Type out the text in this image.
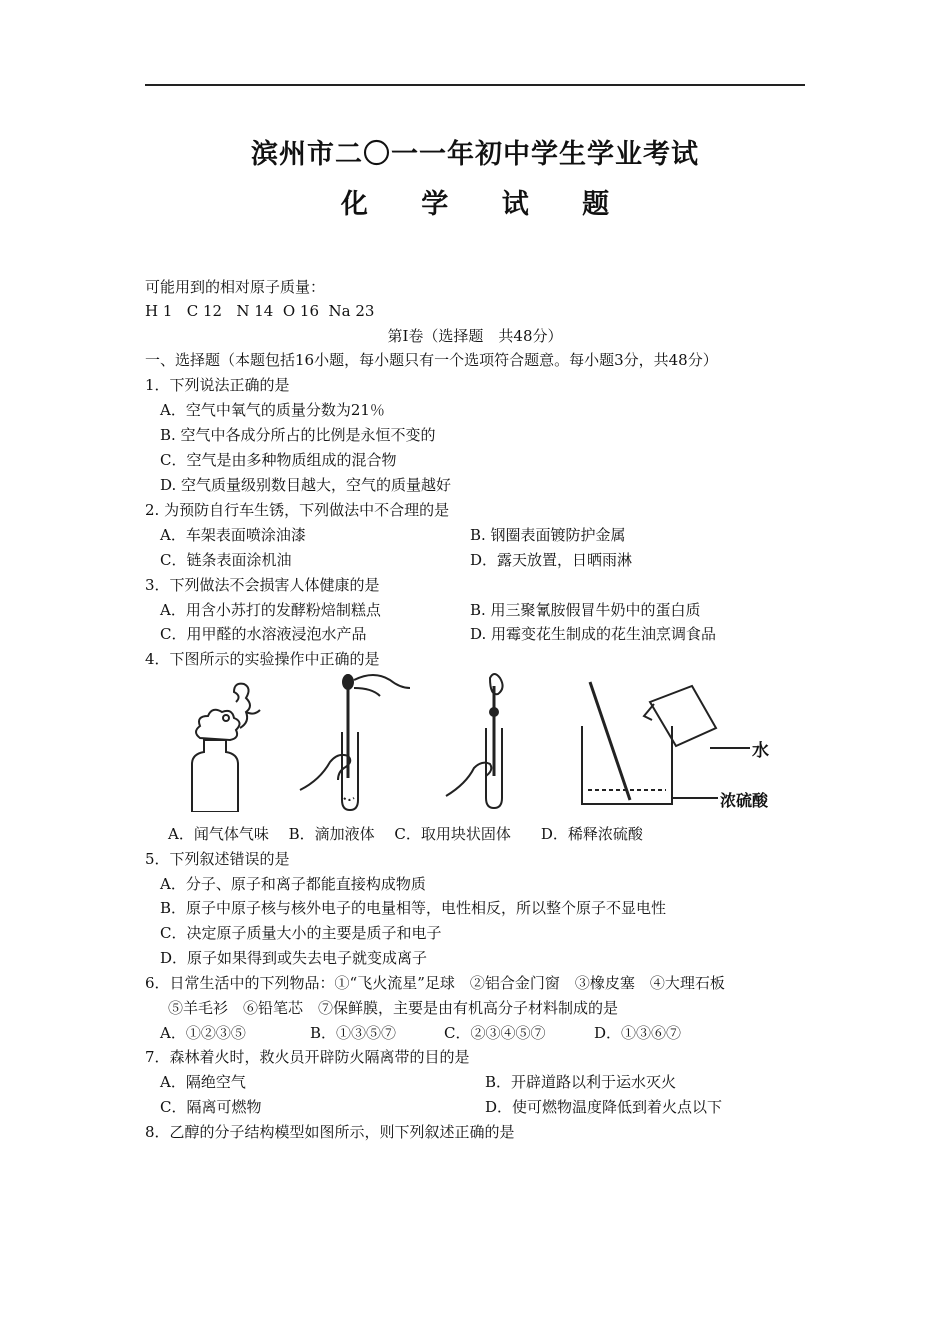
滨州市二〇一一年初中学生学业考试
化 学 试 题
可能用到的相对原子质量：
H 1   C 12   N 14  O 16  Na 23
第Ⅰ卷（选择题　共48分）
一、选择题（本题包括16小题，每小题只有一个选项符合题意。每小题3分，共48分）
1．下列说法正确的是
A．空气中氧气的质量分数为21％
B. 空气中各成分所占的比例是永恒不变的
C．空气是由多种物质组成的混合物
D. 空气质量级别数目越大，空气的质量越好
2. 为预防自行车生锈，下列做法中不合理的是
A．车架表面喷涂油漆	B. 钢圈表面镀防护金属
C．链条表面涂机油	D．露天放置，日晒雨淋
3．下列做法不会损害人体健康的是
A．用含小苏打的发酵粉焙制糕点	B. 用三聚氰胺假冒牛奶中的蛋白质
C．用甲醛的水溶液浸泡水产品	D. 用霉变花生制成的花生油烹调食品
4．下图所示的实验操作中正确的是
水
浓硫酸
A．闻气体气味　 B．滴加液体　 C．取用块状固体　　D．稀释浓硫酸
5．下列叙述错误的是
A．分子、原子和离子都能直接构成物质
B．原子中原子核与核外电子的电量相等，电性相反，所以整个原子不显电性
C．决定原子质量大小的主要是质子和电子
D．原子如果得到或失去电子就变成离子
6．日常生活中的下列物品：①“飞火流星”足球　②铝合金门窗　③橡皮塞　④大理石板
⑤羊毛衫　⑥铅笔芯　⑦保鲜膜，主要是由有机高分子材料制成的是
A．①②③⑤	B．①③⑤⑦	C．②③④⑤⑦	D．①③⑥⑦
7．森林着火时，救火员开辟防火隔离带的目的是
A．隔绝空气	B．开辟道路以利于运水灭火
C．隔离可燃物	D．使可燃物温度降低到着火点以下
8．乙醇的分子结构模型如图所示，则下列叙述正确的是
